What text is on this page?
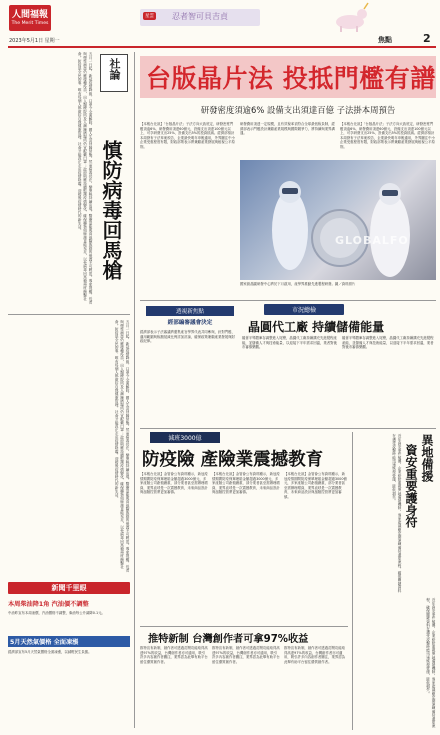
人間福報
The Merit Times
2023年5月1日 星期一
星雲 忍者智可貝吉貞
焦點	2
五月一日起，新冠疫情降級，口罩令全面解除，國人生活回歸常態。然而病毒仍在，變異株持續出現，醫療量能與高風險族群的保護不可輕忽。專家提醒，長者與慢性病患仍應接種疫苗，出入醫療院所及人潮擁擠場所仍宜配戴口罩；政府則應持續監測疫情變化，確保藥物與檢測量能充足，以免病毒回馬槍再度衝擊社會。防疫是全民的事，唯有每個人都做好自我健康管理，社會才能真正走出疫情陰霾，迎接後疫情時代的新生活。	社論
慎防病毒回馬槍
五月一日起，新冠疫情降級，口罩令全面解除，國人生活回歸常態。然而病毒仍在，變異株持續出現，醫療量能與高風險族群的保護不可輕忽。專家提醒，長者與慢性病患仍應接種疫苗，出入醫療院所及人潮擁擠場所仍宜配戴口罩；政府則應持續監測疫情變化，確保藥物與檢測量能充足，以免病毒回馬槍再度衝擊社會。防疫是全民的事，唯有每個人都做好自我健康管理，社會才能真正走出疫情陰霾，迎接後疫情時代的新生活。
新聞千里眼
本周柴油降1角 汽油價不調整
中油昨宣布本周油價，汽油價格不調整，柴油每公升調降0.1元。
5月天然氣價格 全面凍漲
經濟部宣布5月天然氣價格全面凍漲，以減輕民生負擔。
台版晶片法 投抵門檻有譜
研發密度須逾6% 設備支出須達百億 子法掛本周預告
【本報台北訊】「台版晶片法」子法方向大致底定，研發密度門檻須逾6%，研發費用須達60億元，設備支出須達100億元以上，可享研發支出25%、設備支出5%的投資抵減。經濟部預計本周發布子法草案預告，企業最快明年申報適用，外界關注中小企業受惠程度有限，財政部則表示將兼顧產業發展與租稅公平原則。
研發費用須達一定規模，且有效稅率須符合全球最低稅負制，經濟部表示門檻設計兼顧產業規模與國際競爭力，將持續與業界溝通。
【本報台北訊】「台版晶片法」子法方向大致底定，研發密度門檻須逾6%，研發費用須達60億元，設備支出須達100億元以上，可享研發支出25%、設備支出5%的投資抵減。經濟部預計本周發布子法草案預告，企業最快明年申報適用，外界關注中小企業受惠程度有限，財政部則表示將兼顧產業發展與租稅公平原則。
GLOBALFO
國家級晶圓研發中心將於下月啟用，產學界推動先進製程研發。圖／資料照片
市況總檢
晶圓代工廠 持續儲備能量
隨著半導體庫存調整進入尾聲，晶圓代工廠持續擴充先進製程產能，並儲備人才與技術能量，以迎接下半年需求回溫，業者對後市審慎樂觀。
隨著半導體庫存調整進入尾聲，晶圓代工廠持續擴充先進製程產能，並儲備人才與技術能量，以迎接下半年需求回溫，業者對後市審慎樂觀。
透視新焦點
經部編審議會決定
經濟部表示子法審議將邀集產官學界代表共同參與，針對門檻、適用範圍與稅額抵減比例詳加討論，確保政策兼顧產業發展與財政紀律。
減班3000億
防疫險 產險業震撼教育
【本報台北訊】金管會公布資料顯示，新冠疫情期間防疫保單理賠金額超過3000億元，多家產險公司虧損嚴重，部分業者甚至需辦理增資，業界直呼是一次震撼教育，未來商品設計與風險控管將更加審慎。
【本報台北訊】金管會公布資料顯示，新冠疫情期間防疫保單理賠金額超過3000億元，多家產險公司虧損嚴重，部分業者甚至需辦理增資，業界直呼是一次震撼教育，未來商品設計與風險控管將更加審慎。
【本報台北訊】金管會公布資料顯示，新冠疫情期間防疫保單理賠金額超過3000億元，多家產險公司虧損嚴重，部分業者甚至需辦理增資，業界直呼是一次震撼教育，未來商品設計與風險控管將更加審慎。
推特新制 台灣創作者可拿97%收益
推特宣布新制，創作者可透過訂閱功能取得高達97%的收益，台灣創作者亦可適用，吸引許多內容創作者關注，業界認為此舉有助平台留住優質創作者。
推特宣布新制，創作者可透過訂閱功能取得高達97%的收益，台灣創作者亦可適用，吸引許多內容創作者關注，業界認為此舉有助平台留住優質創作者。
推特宣布新制，創作者可透過訂閱功能取得高達97%的收益，台灣創作者亦可適用，吸引許多內容創作者關注，業界認為此舉有助平台留住優質創作者。
異地備援
資安重要護身符
近年資安事件頻傳，企業紛紛重視異地備援機制，專家建議應定期演練備份還原流程，確保關鍵資料在遭受攻擊時能迅速恢復營運，降低損失。
近年資安事件頻傳，企業紛紛重視異地備援機制，專家建議應定期演練備份還原流程，確保關鍵資料在遭受攻擊時能迅速恢復營運，降低損失。
